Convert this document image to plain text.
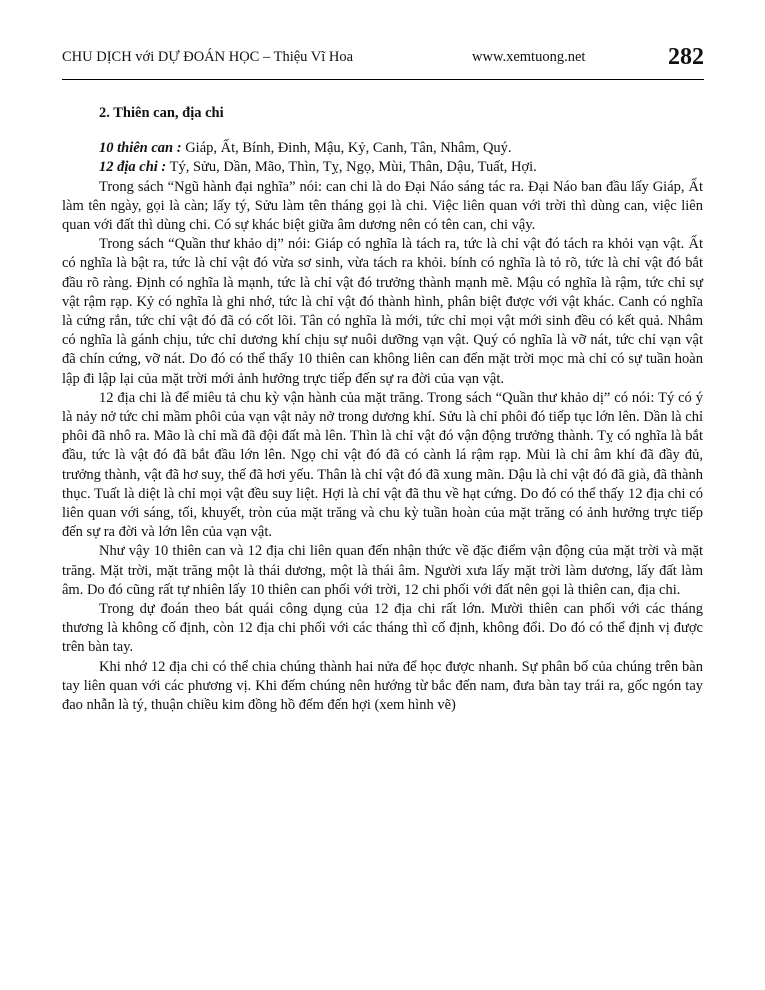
CHU DỊCH với DỰ ĐOÁN HỌC – Thiệu Vĩ Hoa	www.xemtuong.net	282

2. Thiên can, địa chi

10 thiên can : Giáp, Ất, Bính, Đinh, Mậu, Kỷ, Canh, Tân, Nhâm, Quý.

12 địa chi : Tý, Sửu, Dần, Mão, Thìn, Tỵ, Ngọ, Mùi, Thân, Dậu, Tuất, Hợi.

Trong sách “Ngũ hành đại nghĩa” nói: can chi là do Đại Náo sáng tác ra. Đại Náo ban đầu lấy Giáp, Ất làm tên ngày, gọi là càn; lấy tý, Sửu làm tên tháng gọi là chi. Việc liên quan với trời thì dùng can, việc liên quan với đất thì dùng chi. Có sự khác biệt giữa âm dương nên có tên can, chi vậy.

Trong sách “Quần thư khảo dị” nói: Giáp có nghĩa là tách ra, tức là chỉ vật đó tách ra khỏi vạn vật. Ất có nghĩa là bật ra, tức là chỉ vật đó vừa sơ sinh, vừa tách ra khỏi. bính có nghĩa là tỏ rõ, tức là chỉ vật đó bắt đầu rõ ràng. Định có nghĩa là mạnh, tức là chỉ vật đó trưởng thành mạnh mẽ. Mậu có nghĩa là rậm, tức chỉ sự vật rậm rạp. Kỷ có nghĩa là ghi nhớ, tức là chỉ vật đó thành hình, phân biệt được với vật khác. Canh có nghĩa là cứng rắn, tức chỉ vật đó đã có cốt lõi. Tân có nghĩa là mới, tức chỉ mọi vật mới sinh đều có kết quả. Nhâm có nghĩa là gánh chịu, tức chỉ dương khí chịu sự nuôi dưỡng vạn vật. Quý có nghĩa là vỡ nát, tức chỉ vạn vật đã chín cứng, vỡ nát. Do đó có thể thấy 10 thiên can không liên can đến mặt trời mọc mà chỉ có sự tuần hoàn lập đi lập lại của mặt trời mới ảnh hưởng trực tiếp đến sự ra đời của vạn vật.

12 địa chi là để miêu tả chu kỳ vận hành của mặt trăng. Trong sách “Quần thư khảo dị” có nói: Tý có ý là nảy nở tức chỉ mầm phôi của vạn vật nảy nở trong dương khí. Sửu là chỉ phôi đó tiếp tục lớn lên. Dần là chỉ phôi đã nhô ra. Mão là chỉ mầ đã đội đất mà lên. Thìn là chỉ vật đó vận động trưởng thành. Tỵ có nghĩa là bắt đầu, tức là vật đó đã bắt đầu lớn lên. Ngọ chỉ vật đó đã có cành lá rậm rạp. Mùi là chỉ âm khí đã đầy đủ, trưởng thành, vật đã hơ suy, thế đã hơi yếu. Thân là chỉ vật đó đã xung mãn. Dậu là chỉ vật đó đã già, đã thành thục. Tuất là diệt là chỉ mọi vật đều suy liệt. Hợi là chỉ vật đã thu về hạt cứng. Do đó có thể thấy 12 địa chi có liên quan với sáng, tối, khuyết, tròn của mặt trăng và chu kỳ tuần hoàn của mặt trăng có ảnh hưởng trực tiếp đến sự ra đời và lớn lên của vạn vật.

Như vậy 10 thiên can và 12 địa chi liên quan đến nhận thức về đặc điểm vận động của mặt trời và mặt trăng. Mặt trời, mặt trăng một là thái dương, một là thái âm. Người xưa lấy mặt trời làm dương, lấy đất làm âm. Do đó cũng rất tự nhiên lấy 10 thiên can phối với trời, 12 chi phối với đất nên gọi là thiên can, địa chi.

Trong dự đoán theo bát quái công dụng của 12 địa chi rất lớn. Mười thiên can phối với các tháng thương là không cố định, còn 12 địa chi phối với các tháng thì cố định, không đổi. Do đó có thể định vị được trên bàn tay.

Khi nhớ 12 địa chi có thể chia chúng thành hai nửa để học được nhanh. Sự phân bố của chúng trên bàn tay liên quan với các phương vị. Khi đếm chúng nên hướng từ bắc đến nam, đưa bàn tay trái ra, gốc ngón tay đao nhẫn là tý, thuận chiều kim đồng hồ đếm đến hợi (xem hình vẽ)
